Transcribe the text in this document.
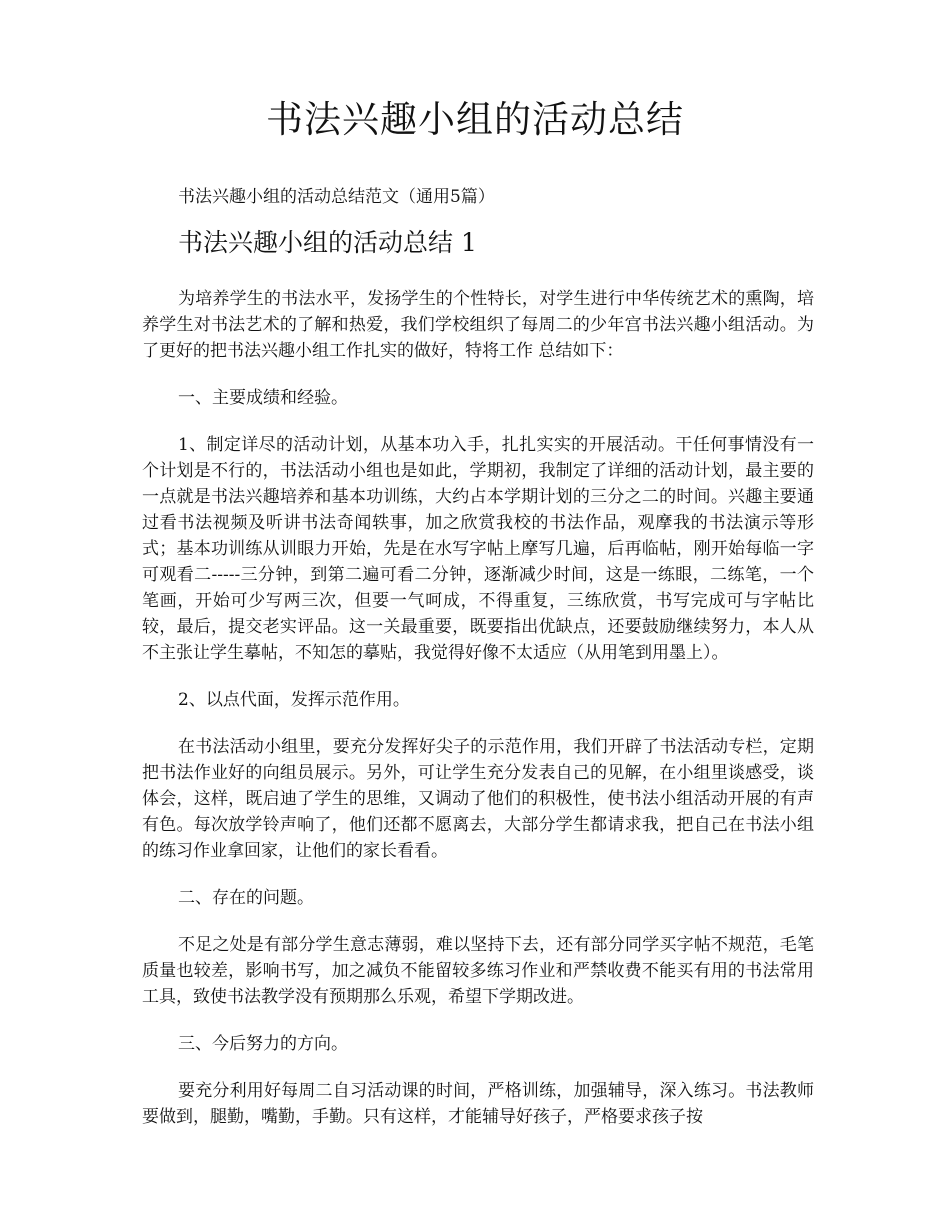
书法兴趣小组的活动总结

书法兴趣小组的活动总结范文（通用5篇）

书法兴趣小组的活动总结 1

为培养学生的书法水平，发扬学生的个性特长，对学生进行中华传统艺术的熏陶，培养学生对书法艺术的了解和热爱，我们学校组织了每周二的少年宫书法兴趣小组活动。为了更好的把书法兴趣小组工作扎实的做好，特将工作 总结如下：

一、主要成绩和经验。

1、制定详尽的活动计划，从基本功入手，扎扎实实的开展活动。干任何事情没有一个计划是不行的，书法活动小组也是如此，学期初，我制定了详细的活动计划，最主要的一点就是书法兴趣培养和基本功训练，大约占本学期计划的三分之二的时间。兴趣主要通过看书法视频及听讲书法奇闻轶事，加之欣赏我校的书法作品，观摩我的书法演示等形式；基本功训练从训眼力开始，先是在水写字帖上摩写几遍，后再临帖，刚开始每临一字可观看二-----三分钟，到第二遍可看二分钟，逐渐减少时间，这是一练眼，二练笔，一个笔画，开始可少写两三次，但要一气呵成，不得重复，三练欣赏，书写完成可与字帖比较，最后，提交老实评品。这一关最重要，既要指出优缺点，还要鼓励继续努力，本人从不主张让学生摹帖，不知怎的摹贴，我觉得好像不太适应（从用笔到用墨上）。

2、以点代面，发挥示范作用。

在书法活动小组里，要充分发挥好尖子的示范作用，我们开辟了书法活动专栏，定期把书法作业好的向组员展示。另外，可让学生充分发表自己的见解，在小组里谈感受，谈体会，这样，既启迪了学生的思维，又调动了他们的积极性，使书法小组活动开展的有声有色。每次放学铃声响了，他们还都不愿离去，大部分学生都请求我，把自己在书法小组的练习作业拿回家，让他们的家长看看。

二、存在的问题。

不足之处是有部分学生意志薄弱，难以坚持下去，还有部分同学买字帖不规范，毛笔质量也较差，影响书写，加之减负不能留较多练习作业和严禁收费不能买有用的书法常用工具，致使书法教学没有预期那么乐观，希望下学期改进。

三、今后努力的方向。

要充分利用好每周二自习活动课的时间，严格训练，加强辅导，深入练习。书法教师要做到，腿勤，嘴勤，手勤。只有这样，才能辅导好孩子，严格要求孩子按
